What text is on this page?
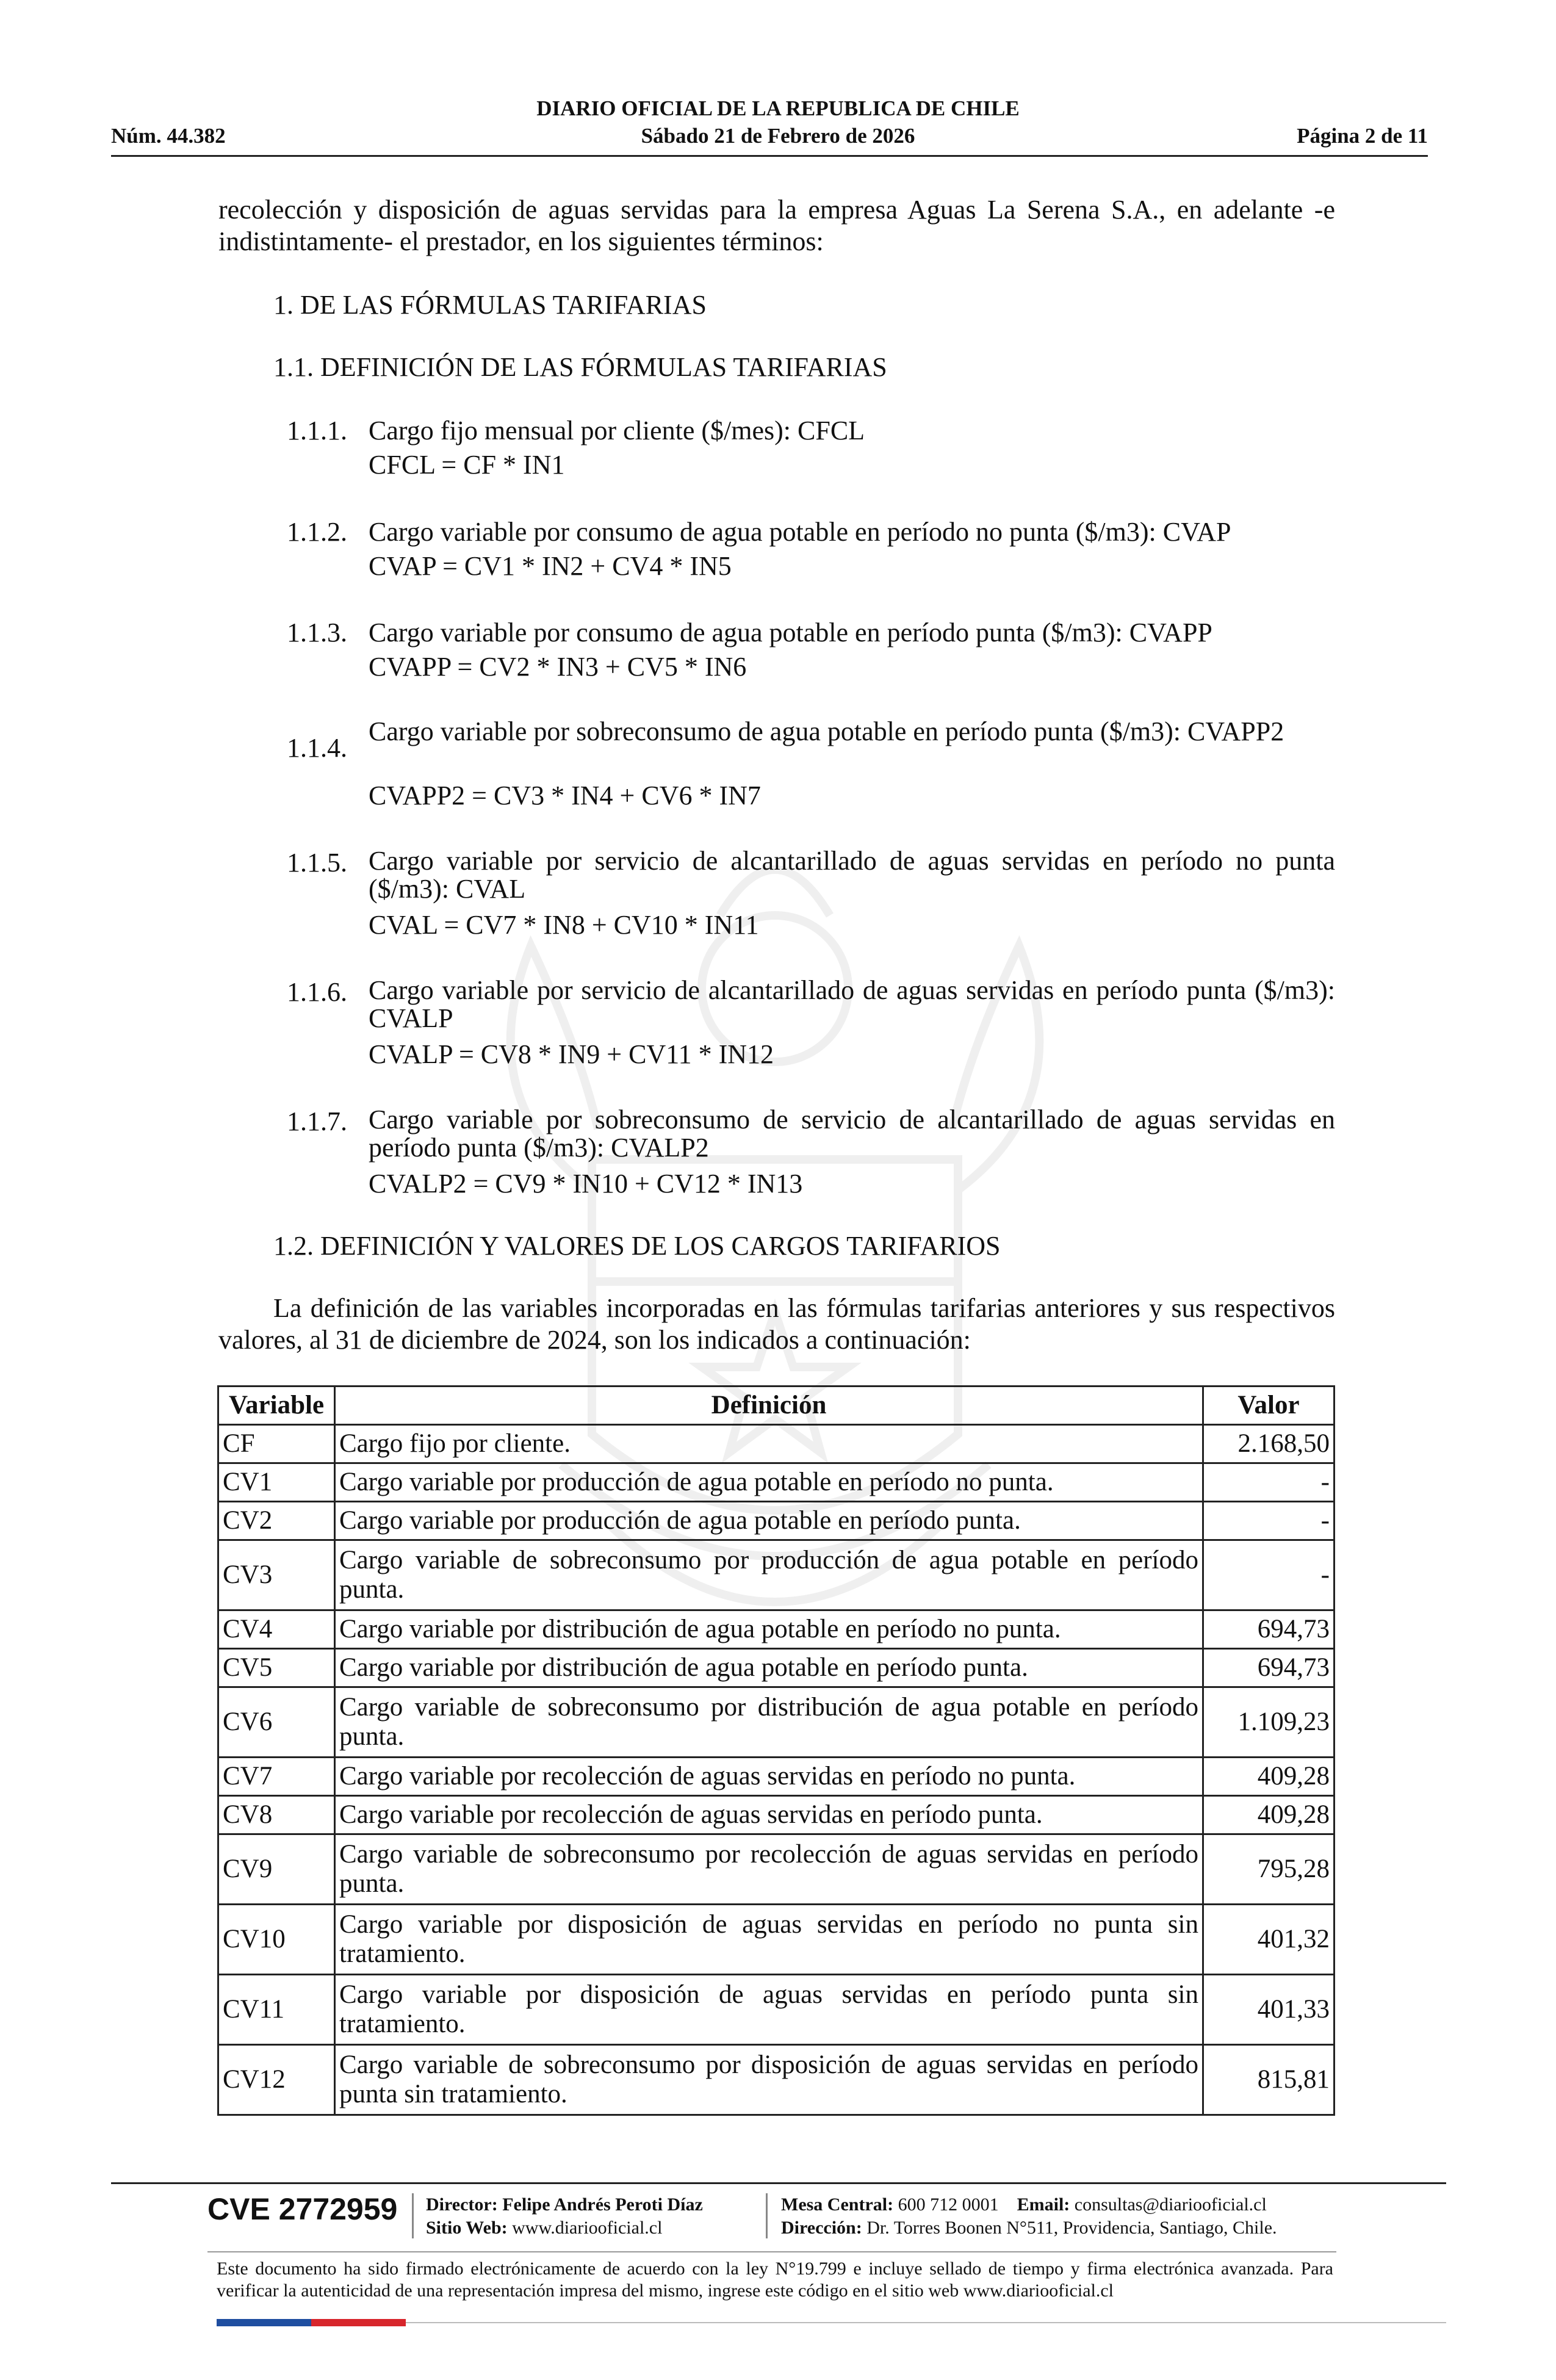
DIARIO OFICIAL DE LA REPUBLICA DE CHILE
Núm. 44.382	Sábado 21 de Febrero de 2026	Página 2 de 11
recolección y disposición de aguas servidas para la empresa Aguas La Serena S.A., en adelante -e indistintamente- el prestador, en los siguientes términos:
1. DE LAS FÓRMULAS TARIFARIAS
1.1. DEFINICIÓN DE LAS FÓRMULAS TARIFARIAS
1.1.1. Cargo fijo mensual por cliente ($/mes): CFCL
CFCL = CF * IN1
1.1.2. Cargo variable por consumo de agua potable en período no punta ($/m3): CVAP
CVAP = CV1 * IN2 + CV4 * IN5
1.1.3. Cargo variable por consumo de agua potable en período punta ($/m3): CVAPP
CVAPP = CV2 * IN3 + CV5 * IN6
1.1.4.
Cargo variable por sobreconsumo de agua potable en período punta ($/m3): CVAPP2
CVAPP2 = CV3 * IN4 + CV6 * IN7
1.1.5. Cargo variable por servicio de alcantarillado de aguas servidas en período no punta ($/m3): CVAL
CVAL = CV7 * IN8 + CV10 * IN11
1.1.6. Cargo variable por servicio de alcantarillado de aguas servidas en período punta ($/m3): CVALP
CVALP = CV8 * IN9 + CV11 * IN12
1.1.7. Cargo variable por sobreconsumo de servicio de alcantarillado de aguas servidas en período punta ($/m3): CVALP2
CVALP2 = CV9 * IN10 + CV12 * IN13
1.2. DEFINICIÓN Y VALORES DE LOS CARGOS TARIFARIOS
La definición de las variables incorporadas en las fórmulas tarifarias anteriores y sus respectivos valores, al 31 de diciembre de 2024, son los indicados a continuación:
Variable	Definición	Valor
CF	Cargo fijo por cliente.	2.168,50
CV1	Cargo variable por producción de agua potable en período no punta.	-
CV2	Cargo variable por producción de agua potable en período punta.	-
CV3	Cargo variable de sobreconsumo por producción de agua potable en período punta.	-
CV4	Cargo variable por distribución de agua potable en período no punta.	694,73
CV5	Cargo variable por distribución de agua potable en período punta.	694,73
CV6	Cargo variable de sobreconsumo por distribución de agua potable en período punta.	1.109,23
CV7	Cargo variable por recolección de aguas servidas en período no punta.	409,28
CV8	Cargo variable por recolección de aguas servidas en período punta.	409,28
CV9	Cargo variable de sobreconsumo por recolección de aguas servidas en período punta.	795,28
CV10	Cargo variable por disposición de aguas servidas en período no punta sin tratamiento.	401,32
CV11	Cargo variable por disposición de aguas servidas en período punta sin tratamiento.	401,33
CV12	Cargo variable de sobreconsumo por disposición de aguas servidas en período punta sin tratamiento.	815,81
CVE 2772959 Director: Felipe Andrés Peroti Díaz
Sitio Web: www.diariooficial.cl
Mesa Central: 600 712 0001 Email: consultas@diariooficial.cl
Dirección: Dr. Torres Boonen N°511, Providencia, Santiago, Chile.
Este documento ha sido firmado electrónicamente de acuerdo con la ley N°19.799 e incluye sellado de tiempo y firma electrónica avanzada. Para verificar la autenticidad de una representación impresa del mismo, ingrese este código en el sitio web www.diariooficial.cl
